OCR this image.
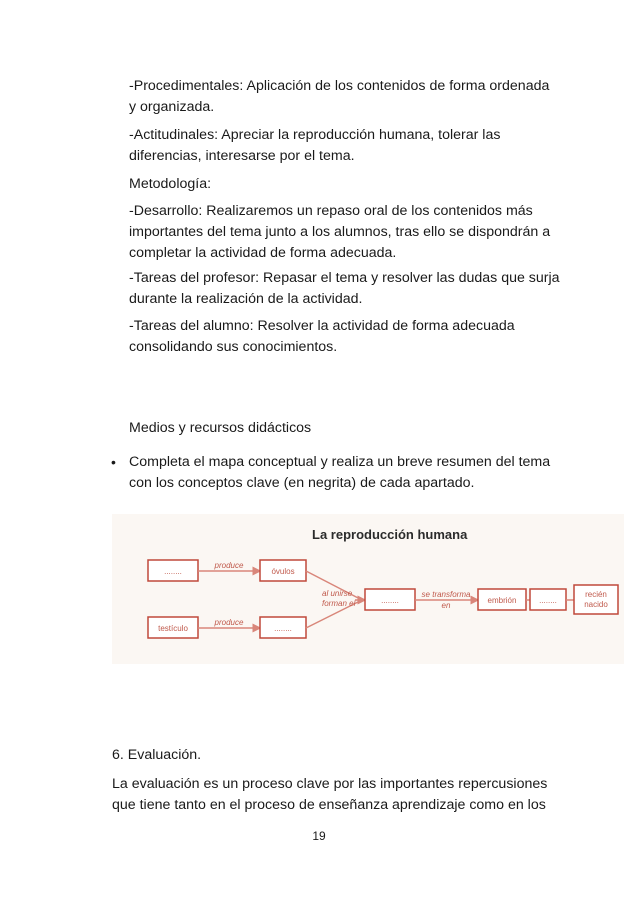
-Procedimentales: Aplicación de los contenidos de forma ordenada

y organizada.

-Actitudinales: Apreciar la reproducción humana, tolerar las

diferencias, interesarse por el tema.

Metodología:

-Desarrollo: Realizaremos un repaso oral de los contenidos más

importantes del tema junto a los alumnos, tras ello se dispondrán a

completar la actividad de forma adecuada.

-Tareas del profesor: Repasar el tema y resolver las dudas que surja

durante la realización de la actividad.

-Tareas del alumno: Resolver la actividad de forma adecuada

consolidando sus conocimientos.

Medios y recursos didácticos

• Completa el mapa conceptual y realiza un breve resumen del tema

con los conceptos clave (en negrita) de cada apartado.

La reproducción humana
........
produce
óvulos
testículo
produce
........
al unirse
forman el	........
se transforma
en
embrión	........
recién
nacido

6. Evaluación.

La evaluación es un proceso clave por las importantes repercusiones

que tiene tanto en el proceso de enseñanza aprendizaje como en los

19
